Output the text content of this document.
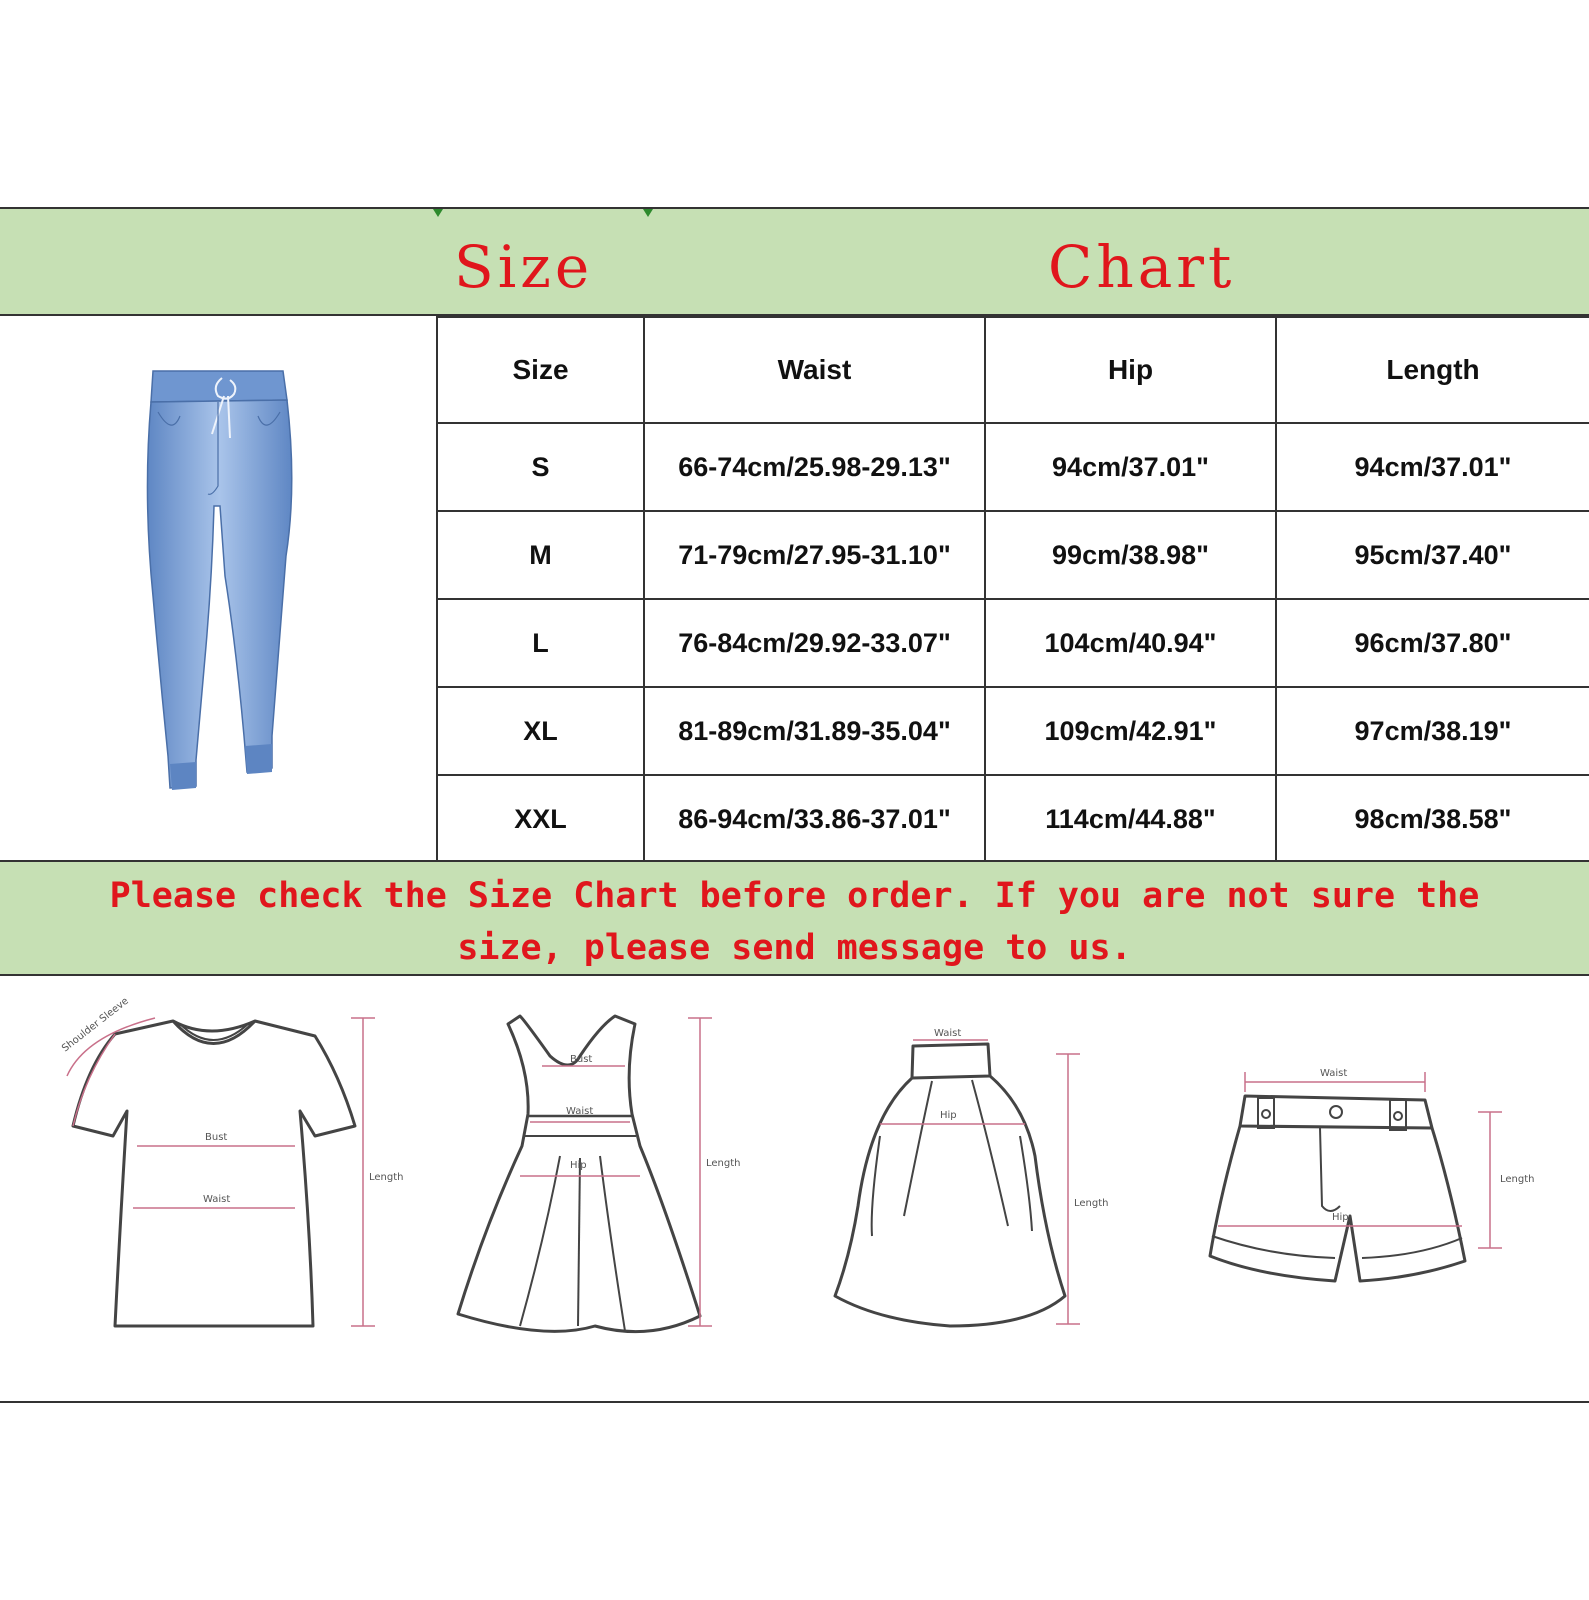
Size	Chart
Size	Waist	Hip	Length
S	66-74cm/25.98-29.13"	94cm/37.01"	94cm/37.01"
M	71-79cm/27.95-31.10"	99cm/38.98"	95cm/37.40"
L	76-84cm/29.92-33.07"	104cm/40.94"	96cm/37.80"
XL	81-89cm/31.89-35.04"	109cm/42.91"	97cm/38.19"
XXL	86-94cm/33.86-37.01"	114cm/44.88"	98cm/38.58"
Please check the Size Chart before order. If you are not sure the
size, please send message to us.
Shoulder Sleeve
Bust
Waist
Length
Bust
Waist
Hip	Length
Waist
Hip
Length
Waist
Hip
Length
